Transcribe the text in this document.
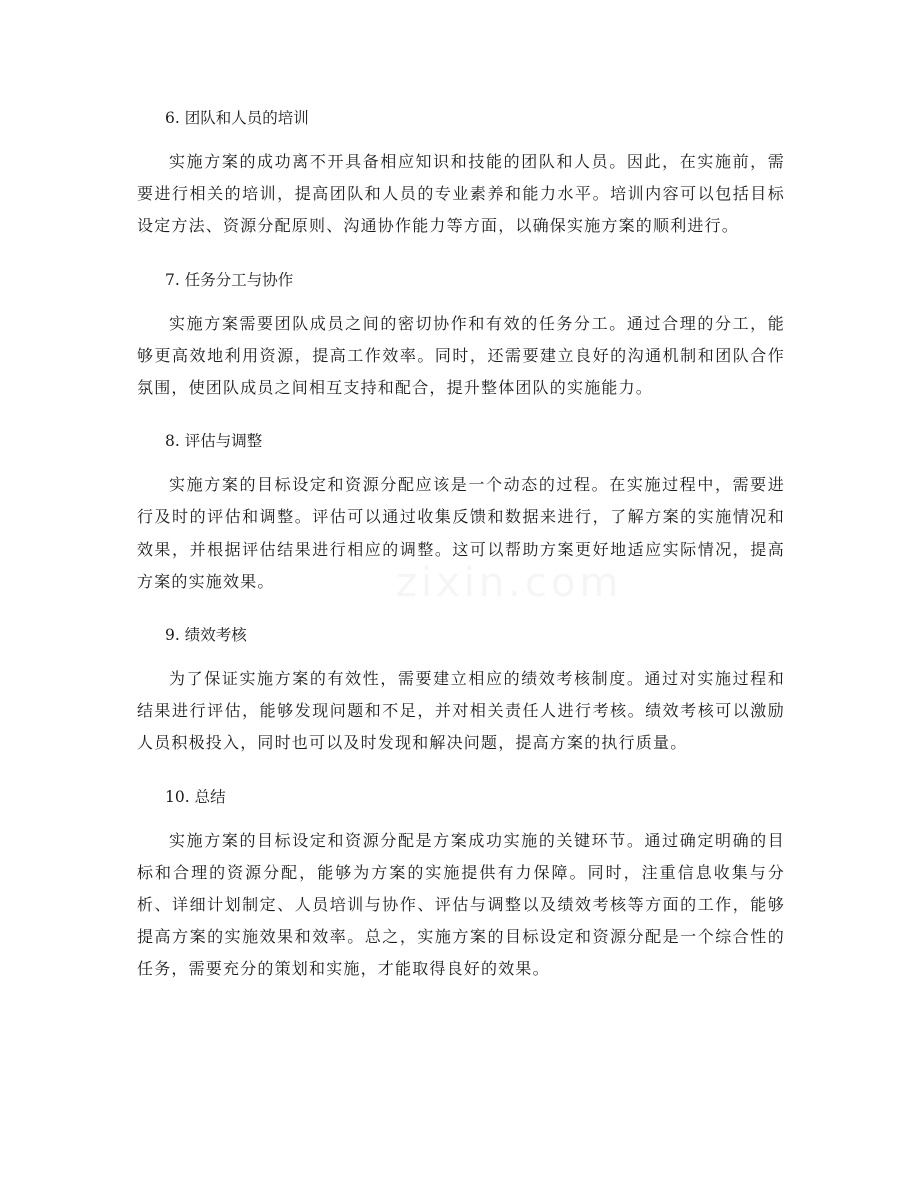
6. 团队和人员的培训

实施方案的成功离不开具备相应知识和技能的团队和人员。因此，在实施前，需要进行相关的培训，提高团队和人员的专业素养和能力水平。培训内容可以包括目标设定方法、资源分配原则、沟通协作能力等方面，以确保实施方案的顺利进行。

7. 任务分工与协作

实施方案需要团队成员之间的密切协作和有效的任务分工。通过合理的分工，能够更高效地利用资源，提高工作效率。同时，还需要建立良好的沟通机制和团队合作氛围，使团队成员之间相互支持和配合，提升整体团队的实施能力。

8. 评估与调整

实施方案的目标设定和资源分配应该是一个动态的过程。在实施过程中，需要进行及时的评估和调整。评估可以通过收集反馈和数据来进行，了解方案的实施情况和效果，并根据评估结果进行相应的调整。这可以帮助方案更好地适应实际情况，提高方案的实施效果。

9. 绩效考核

为了保证实施方案的有效性，需要建立相应的绩效考核制度。通过对实施过程和结果进行评估，能够发现问题和不足，并对相关责任人进行考核。绩效考核可以激励人员积极投入，同时也可以及时发现和解决问题，提高方案的执行质量。

10. 总结

实施方案的目标设定和资源分配是方案成功实施的关键环节。通过确定明确的目标和合理的资源分配，能够为方案的实施提供有力保障。同时，注重信息收集与分析、详细计划制定、人员培训与协作、评估与调整以及绩效考核等方面的工作，能够提高方案的实施效果和效率。总之，实施方案的目标设定和资源分配是一个综合性的任务，需要充分的策划和实施，才能取得良好的效果。
